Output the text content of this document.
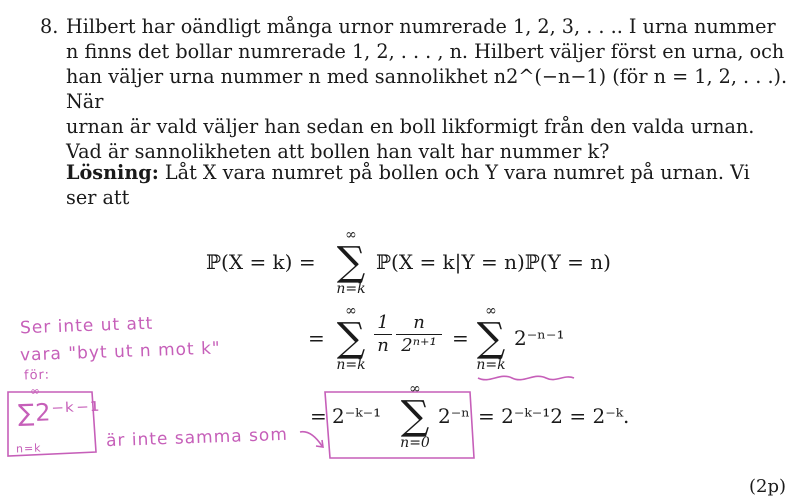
8. Hilbert har oändligt många urnor numrerade 1, 2, 3, . . .. I urna nummer
n finns det bollar numrerade 1, 2, . . . , n. Hilbert väljer först en urna, och
han väljer urna nummer n med sannolikhet n2^(−n−1) (för n = 1, 2, . . .). När
urnan är vald väljer han sedan en boll likformigt från den valda urnan.
Vad är sannolikheten att bollen han valt har nummer k?
Lösning: Låt X vara numret på bollen och Y vara numret på urnan. Vi
ser att
ℙ(X = k) =
∞
∑
n=k
ℙ(X = k|Y = n)ℙ(Y = n)
=
∞
∑
n=k
$\frac{1}{n} \frac{n}{\text{2ⁿ⁺¹}}$ =
∞
∑
n=k
2⁻ⁿ⁻¹
= 2⁻ᵏ⁻¹
∞
∑
n=0
2⁻ⁿ = 2⁻ᵏ⁻¹2 = 2⁻ᵏ.
Ser inte ut att
vara "byt ut n mot k"
för:
∞
∑2⁻ᵏ⁻¹
n=k	är inte samma som
(2p)
